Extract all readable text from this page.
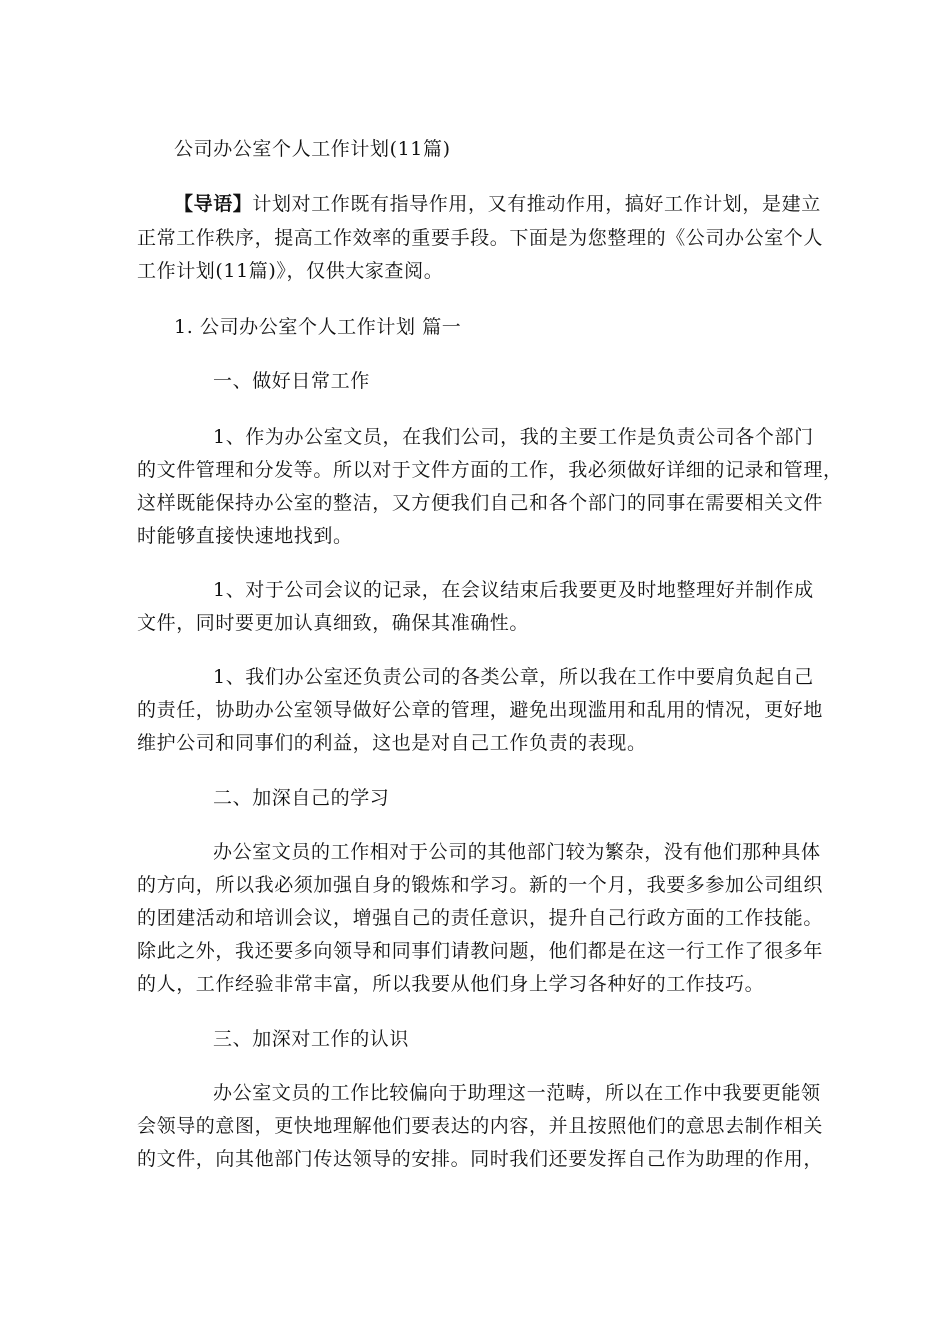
公司办公室个人工作计划(11篇)
【导语】计划对工作既有指导作用，又有推动作用，搞好工作计划，是建立
正常工作秩序，提高工作效率的重要手段。下面是为您整理的《公司办公室个人
工作计划(11篇)》，仅供大家查阅。
1. 公司办公室个人工作计划 篇一
一、做好日常工作
1、作为办公室文员，在我们公司，我的主要工作是负责公司各个部门
的文件管理和分发等。所以对于文件方面的工作，我必须做好详细的记录和管理，
这样既能保持办公室的整洁，又方便我们自己和各个部门的同事在需要相关文件
时能够直接快速地找到。
1、对于公司会议的记录，在会议结束后我要更及时地整理好并制作成
文件，同时要更加认真细致，确保其准确性。
1、我们办公室还负责公司的各类公章，所以我在工作中要肩负起自己
的责任，协助办公室领导做好公章的管理，避免出现滥用和乱用的情况，更好地
维护公司和同事们的利益，这也是对自己工作负责的表现。
二、加深自己的学习
办公室文员的工作相对于公司的其他部门较为繁杂，没有他们那种具体
的方向，所以我必须加强自身的锻炼和学习。新的一个月，我要多参加公司组织
的团建活动和培训会议，增强自己的责任意识，提升自己行政方面的工作技能。
除此之外，我还要多向领导和同事们请教问题，他们都是在这一行工作了很多年
的人，工作经验非常丰富，所以我要从他们身上学习各种好的工作技巧。
三、加深对工作的认识
办公室文员的工作比较偏向于助理这一范畴，所以在工作中我要更能领
会领导的意图，更快地理解他们要表达的内容，并且按照他们的意思去制作相关
的文件，向其他部门传达领导的安排。同时我们还要发挥自己作为助理的作用，
